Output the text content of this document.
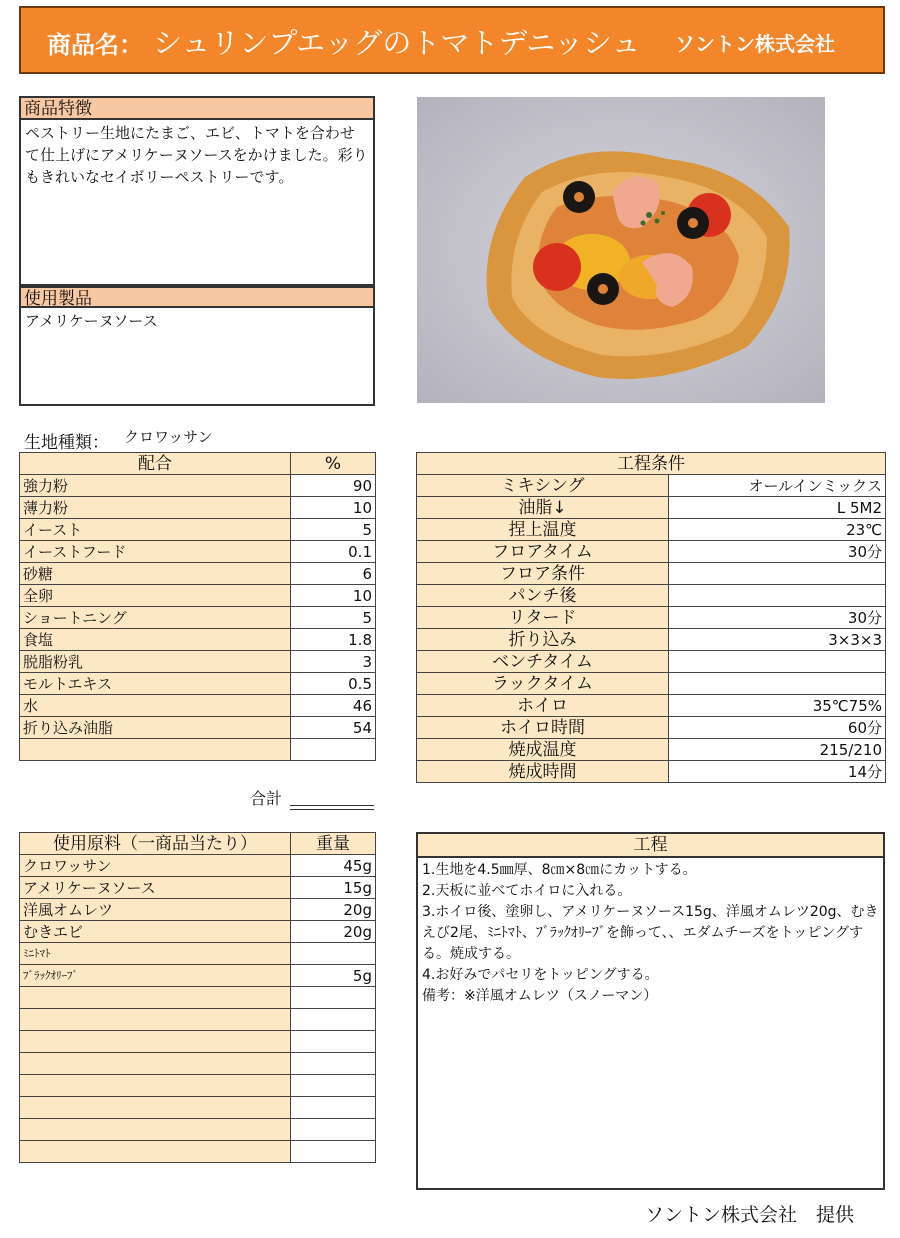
商品名： シュリンプエッグのトマトデニッシュ ソントン株式会社
商品特徴
ペストリー生地にたまご、エビ、トマトを合わせて仕上げにアメリケーヌソースをかけました。彩りもきれいなセイボリーペストリーです。
使用製品
アメリケーヌソース
生地種類： クロワッサン
配合	%
強力粉	90
薄力粉	10
イースト	5
イーストフード	0.1
砂糖	6
全卵	10
ショートニング	5
食塩	1.8
脱脂粉乳	3
モルトエキス	0.5
水	46
折り込み油脂	54

合計
工程条件	
ミキシング	オールインミックス
油脂↓	L 5M2
捏上温度	23℃
フロアタイム	30分
フロア条件	
パンチ後	
リタード	30分
折り込み	3×3×3
ベンチタイム	
ラックタイム	
ホイロ	35℃75%
ホイロ時間	60分
焼成温度	215/210
焼成時間	14分
使用原料（一商品当たり）	重量
クロワッサン	45g
アメリケーヌソース	15g
洋風オムレツ	20g
むきエビ	20g
ﾐﾆﾄﾏﾄ	
ﾌﾞﾗｯｸｵﾘｰﾌﾞ	5g

工程
1.生地を4.5㎜厚、8㎝×8㎝にカットする。
2.天板に並べてホイロに入れる。
3.ホイロ後、塗卵し、アメリケーヌソース15g、洋風オムレツ20g、むきえび2尾、ﾐﾆﾄﾏﾄ、ﾌﾞﾗｯｸｵﾘｰﾌﾞを飾って、、エダムチーズをトッピングする。焼成する。
4.お好みでパセリをトッピングする。
備考：※洋風オムレツ（スノーマン）
ソントン株式会社　提供
